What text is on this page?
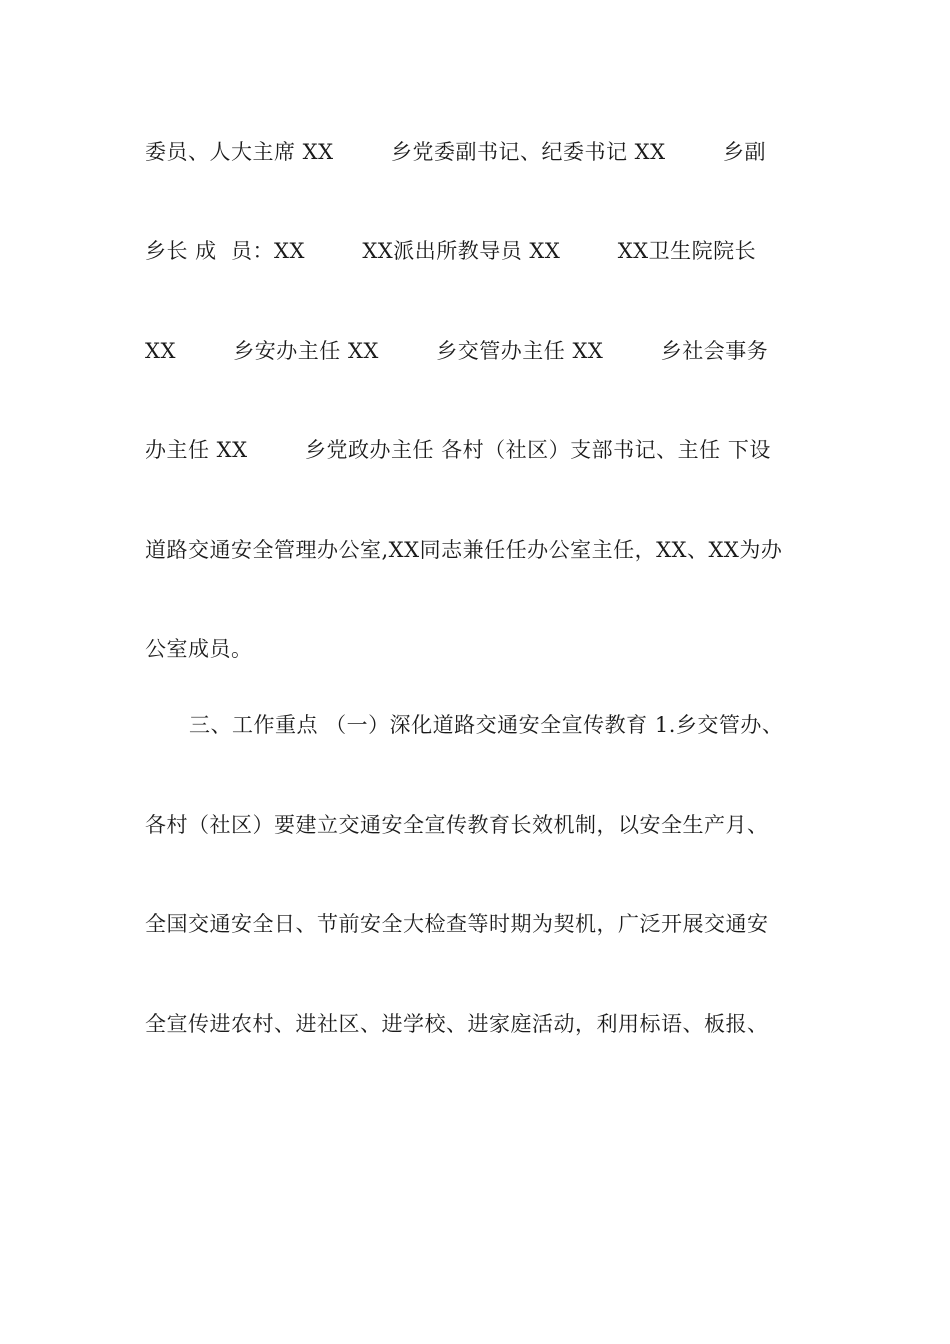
委员、人大主席 XX        乡党委副书记、纪委书记 XX        乡副

乡长 成  员：XX        XX派出所教导员 XX        XX卫生院院长

XX        乡安办主任 XX        乡交管办主任 XX        乡社会事务

办主任 XX        乡党政办主任 各村（社区）支部书记、主任 下设

道路交通安全管理办公室,XX同志兼任任办公室主任，XX、XX为办

公室成员。

三、工作重点 （一）深化道路交通安全宣传教育 1.乡交管办、

各村（社区）要建立交通安全宣传教育长效机制，以安全生产月、

全国交通安全日、节前安全大检查等时期为契机，广泛开展交通安

全宣传进农村、进社区、进学校、进家庭活动，利用标语、板报、
